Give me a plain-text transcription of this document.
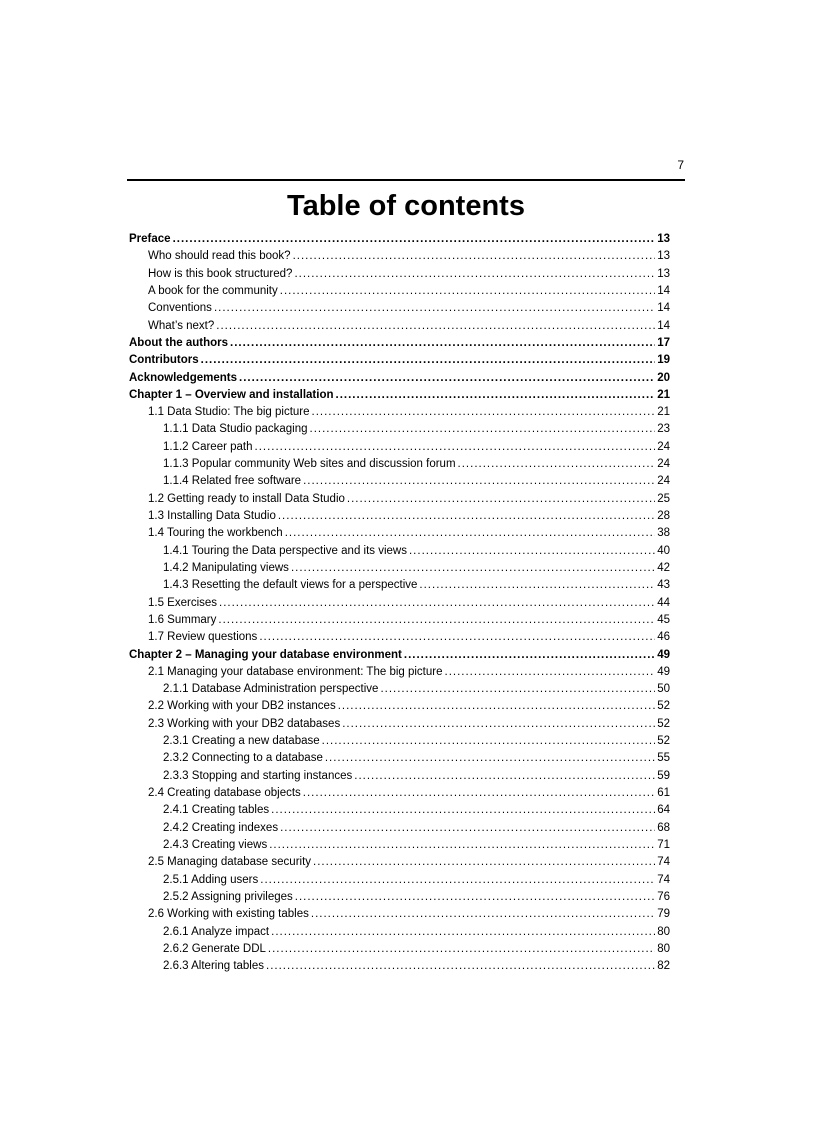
7
Table of contents
Preface .....	13
Who should read this book? .....	13
How is this book structured? .....	13
A book for the community .....	14
Conventions .....	14
What’s next? .....	14
About the authors .....	17
Contributors .....	19
Acknowledgements .....	20
Chapter 1 – Overview and installation .....	21
1.1 Data Studio: The big picture .....	21
1.1.1 Data Studio packaging .....	23
1.1.2 Career path .....	24
1.1.3 Popular community Web sites and discussion forum .....	24
1.1.4 Related free software .....	24
1.2 Getting ready to install Data Studio .....	25
1.3 Installing Data Studio .....	28
1.4 Touring the workbench .....	38
1.4.1 Touring the Data perspective and its views .....	40
1.4.2 Manipulating views .....	42
1.4.3 Resetting the default views for a perspective .....	43
1.5 Exercises .....	44
1.6 Summary .....	45
1.7 Review questions .....	46
Chapter 2 – Managing your database environment .....	49
2.1 Managing your database environment: The big picture .....	49
2.1.1 Database Administration perspective .....	50
2.2 Working with your DB2 instances .....	52
2.3 Working with your DB2 databases .....	52
2.3.1 Creating a new database .....	52
2.3.2 Connecting to a database .....	55
2.3.3 Stopping and starting instances .....	59
2.4 Creating database objects .....	61
2.4.1 Creating tables .....	64
2.4.2 Creating indexes .....	68
2.4.3 Creating views .....	71
2.5 Managing database security .....	74
2.5.1 Adding users .....	74
2.5.2 Assigning privileges .....	76
2.6 Working with existing tables .....	79
2.6.1 Analyze impact .....	80
2.6.2 Generate DDL .....	80
2.6.3 Altering tables .....	82
